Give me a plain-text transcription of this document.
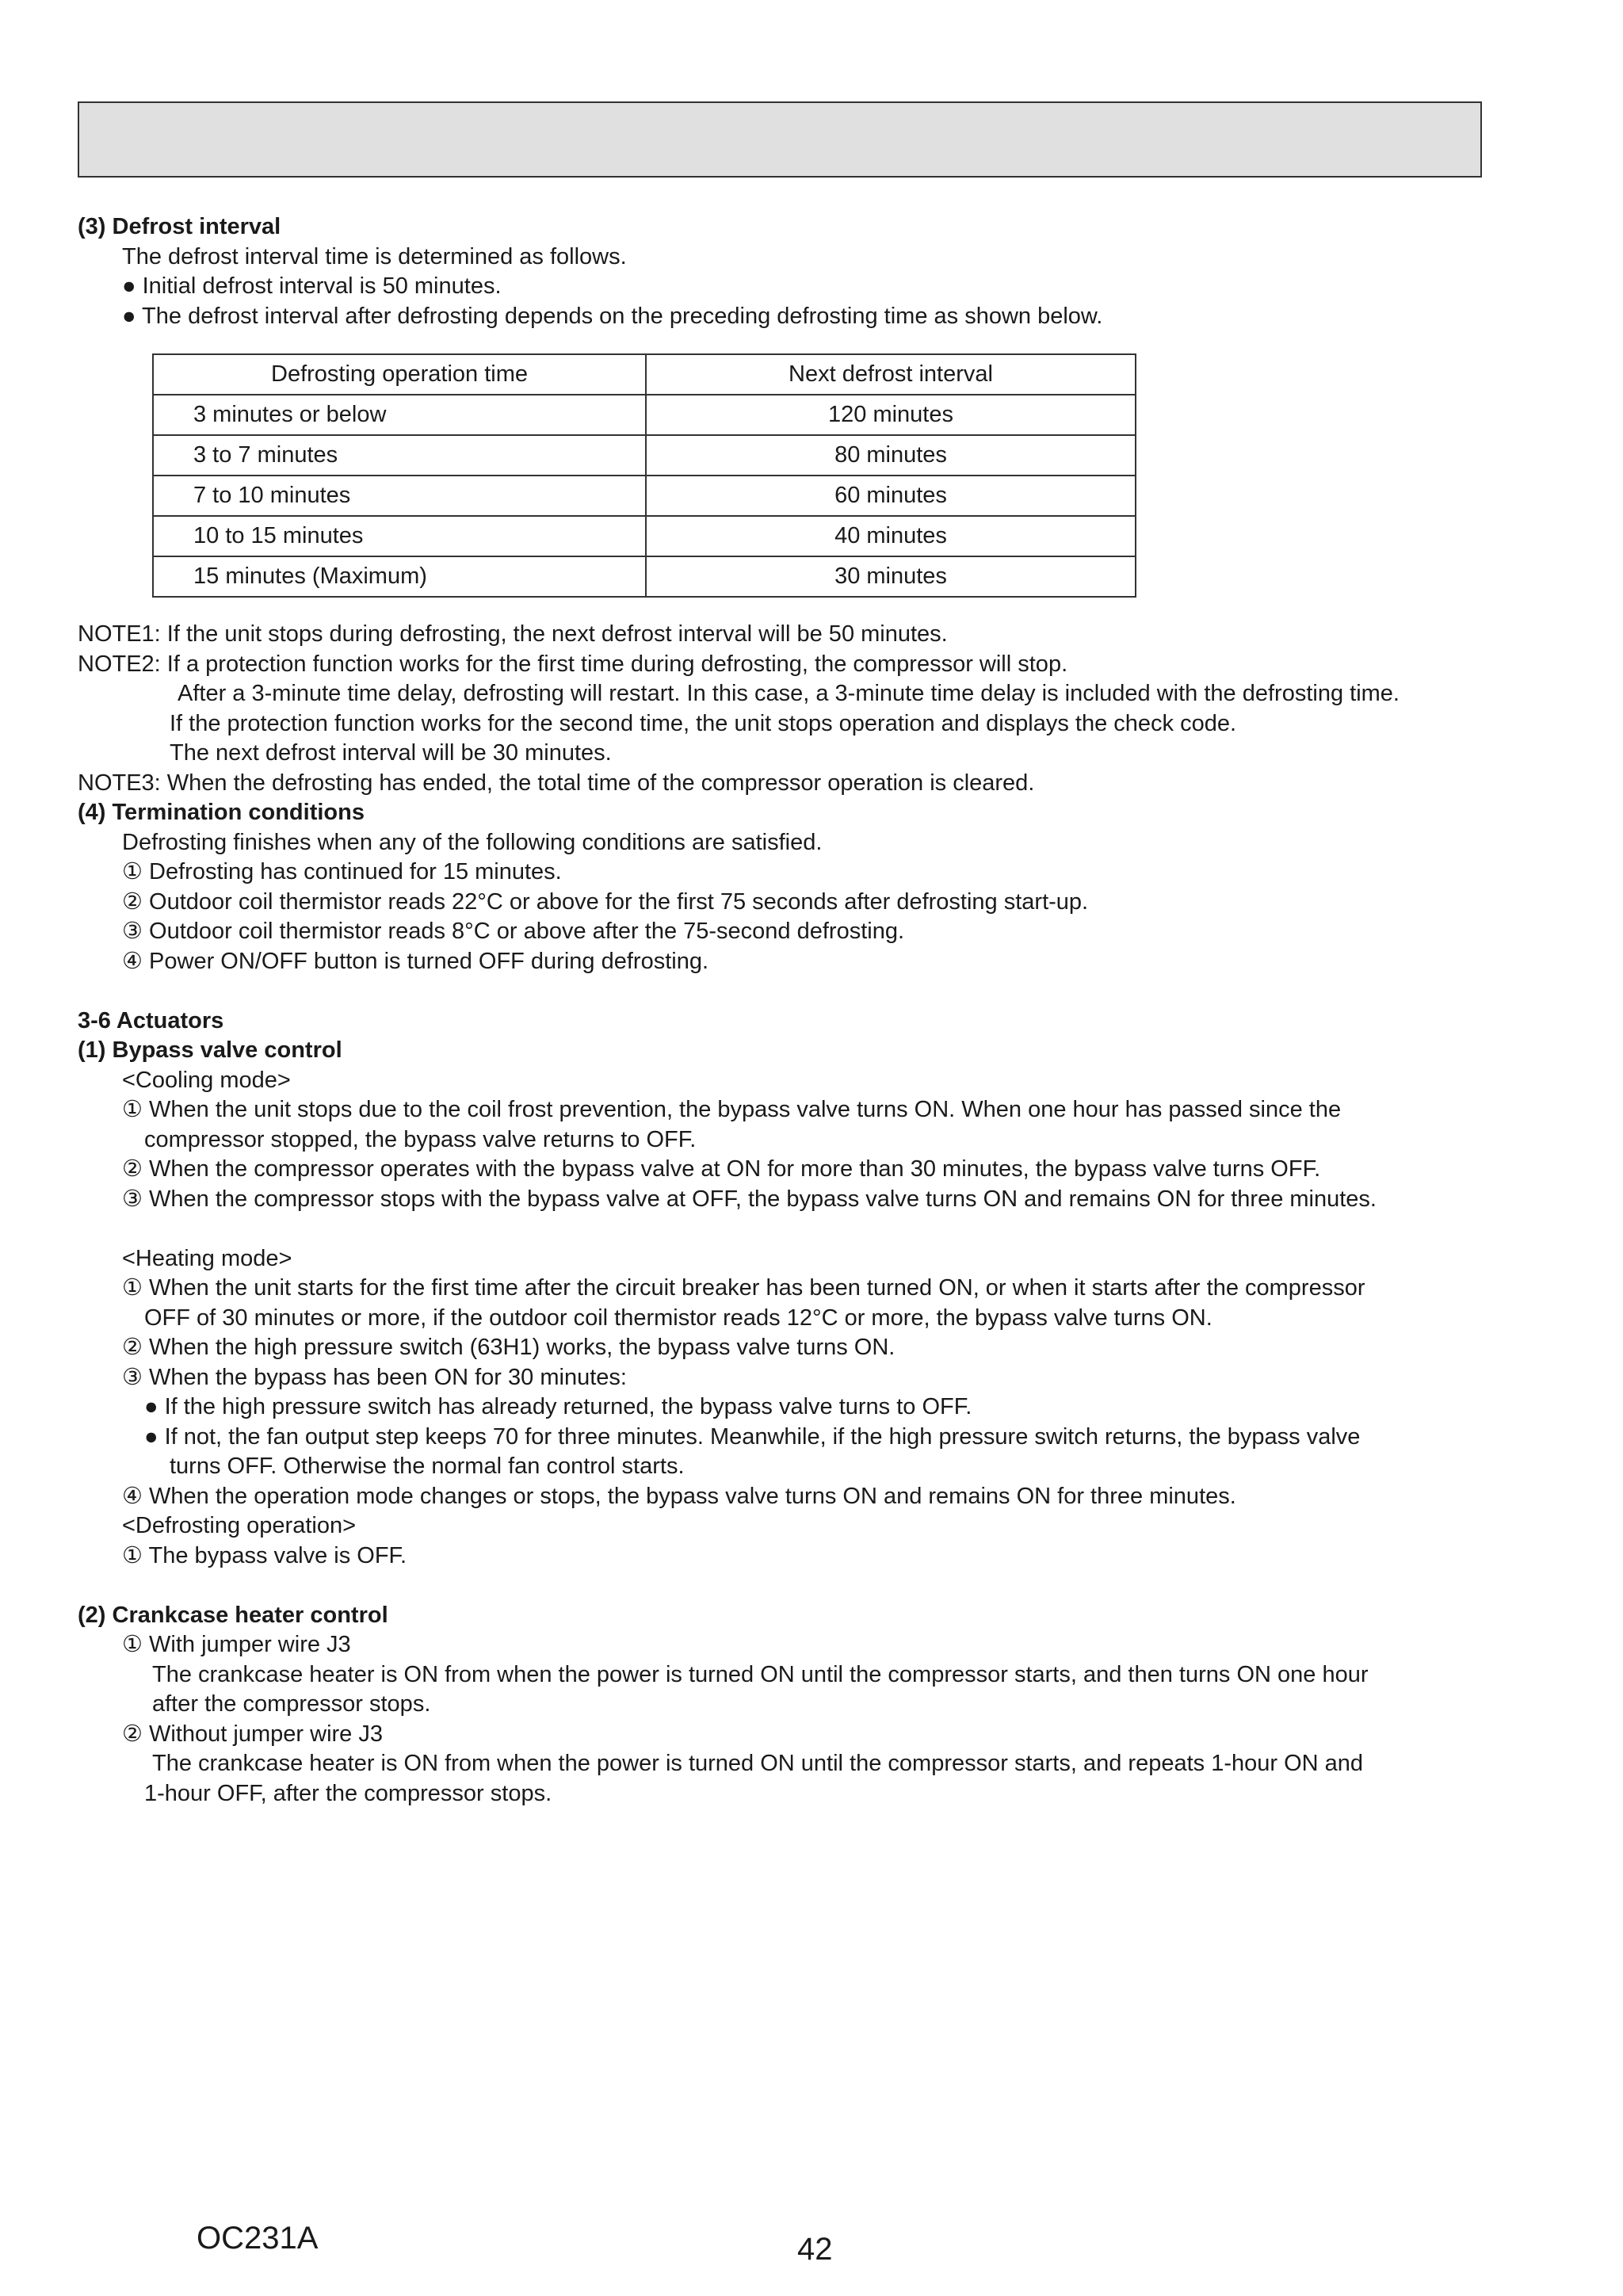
(3) Defrost interval

The defrost interval time is determined as follows.

● Initial defrost interval is 50 minutes.

● The defrost interval after defrosting depends on the preceding defrosting time as shown below.

Defrosting operation time	Next defrost interval
3 minutes or below	120 minutes
3 to 7 minutes	80 minutes
7 to 10 minutes	60 minutes
10 to 15 minutes	40 minutes
15 minutes (Maximum)	30 minutes

NOTE1: If the unit stops during defrosting, the next defrost interval will be 50 minutes.

NOTE2: If a protection function works for the first time during defrosting, the compressor will stop.

After a 3-minute time delay, defrosting will restart. In this case, a 3-minute time delay is included with the defrosting time.

If the protection function works for the second time, the unit stops operation and displays the check code.

The next defrost interval will be 30 minutes.

NOTE3: When the defrosting has ended, the total time of the compressor operation is cleared.

(4) Termination conditions

Defrosting finishes when any of the following conditions are satisfied.

① Defrosting has continued for 15 minutes.

② Outdoor coil thermistor reads 22°C or above for the first 75 seconds after defrosting start-up.

③ Outdoor coil thermistor reads 8°C or above after the 75-second defrosting.

④ Power ON/OFF button is turned OFF during defrosting.

3-6 Actuators

(1) Bypass valve control

<Cooling mode>

① When the unit stops due to the coil frost prevention, the bypass valve turns ON. When one hour has passed since the

compressor stopped, the bypass valve returns to OFF.

② When the compressor operates with the bypass valve at ON for more than 30 minutes, the bypass valve turns OFF.

③ When the compressor stops with the bypass valve at OFF, the bypass valve turns ON and remains ON for three minutes.

<Heating mode>

① When the unit starts for the first time after the circuit breaker has been turned ON, or when it starts after the compressor

OFF of 30 minutes or more, if the outdoor coil thermistor reads 12°C or more, the bypass valve turns ON.

② When the high pressure switch (63H1) works, the bypass valve turns ON.

③ When the bypass has been ON for 30 minutes:

● If the high pressure switch has already returned, the bypass valve turns to OFF.

● If not, the fan output step keeps 70 for three minutes. Meanwhile, if the high pressure switch returns, the bypass valve

turns OFF. Otherwise the normal fan control starts.

④ When the operation mode changes or stops, the bypass valve turns ON and remains ON for three minutes.

<Defrosting operation>

① The bypass valve is OFF.

(2) Crankcase heater control

① With jumper wire J3

The crankcase heater is ON from when the power is turned ON until the compressor starts, and then turns ON one hour

after the compressor stops.

② Without jumper wire J3

The crankcase heater is ON from when the power is turned ON until the compressor starts, and repeats 1-hour ON and

1-hour OFF, after the compressor stops.

OC231A	42
